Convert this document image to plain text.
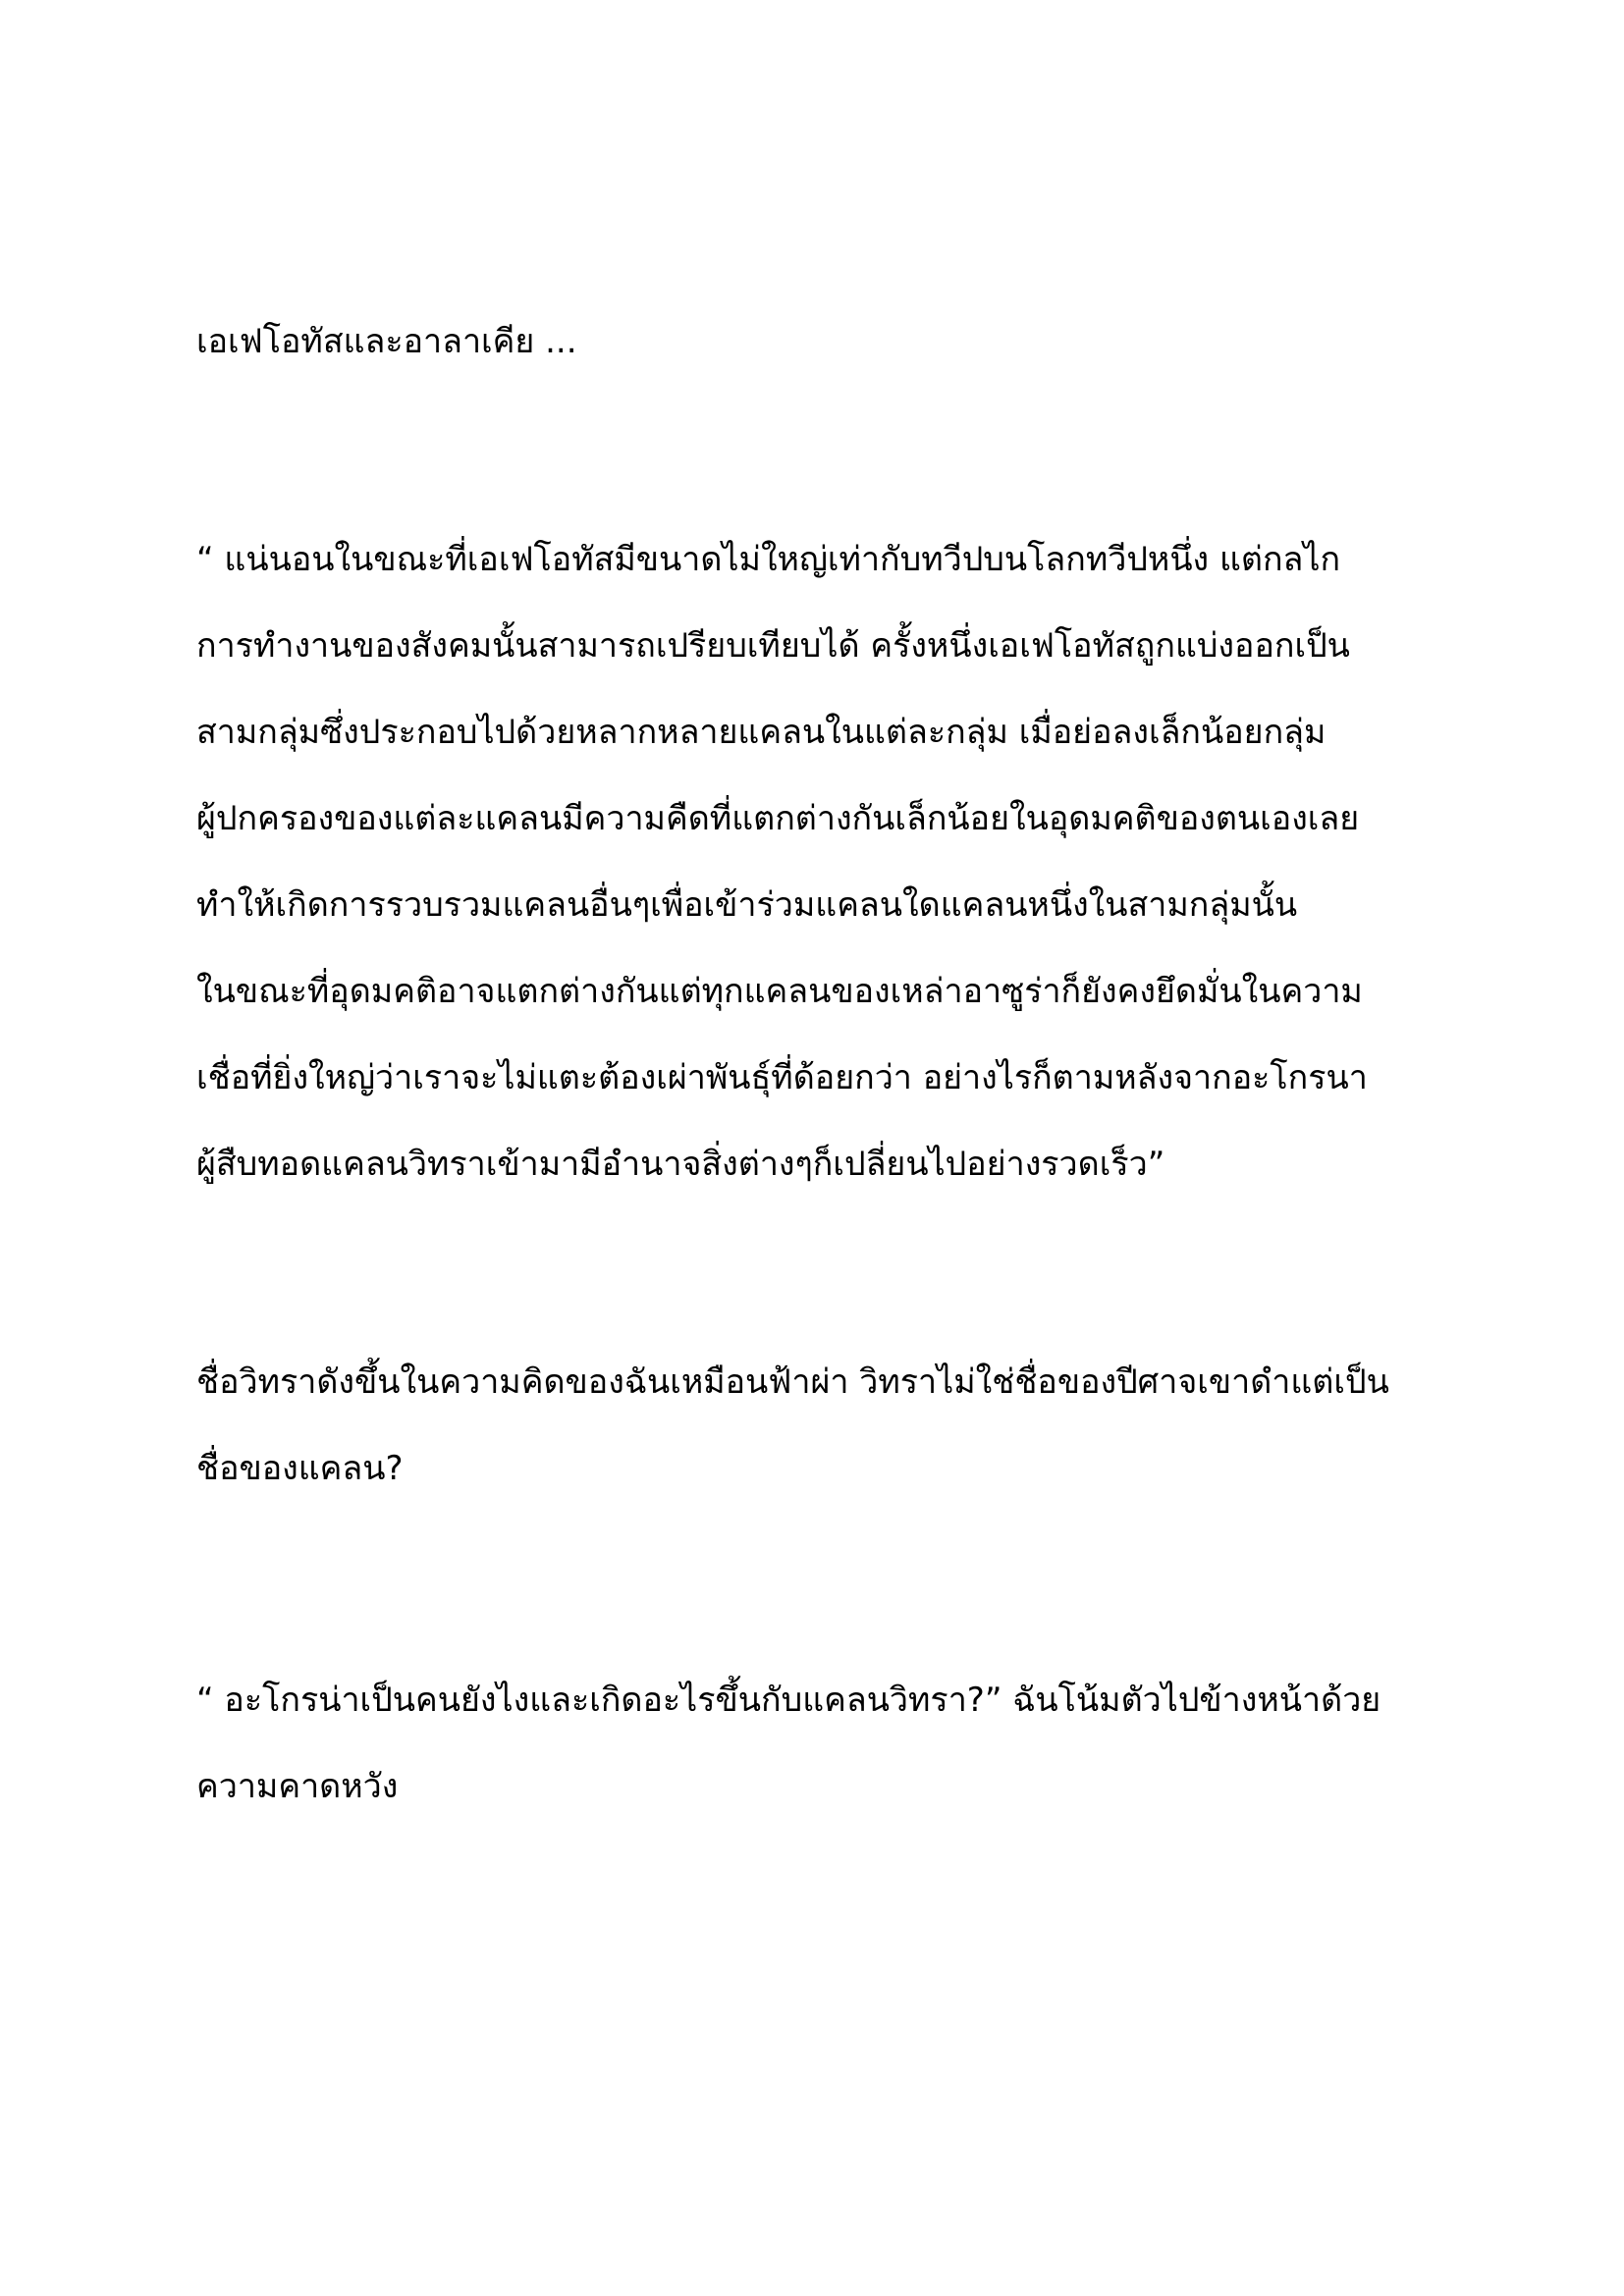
เอเฟโอทัสและอาลาเคีย ...

“ แน่นอนในขณะที่เอเฟโอทัสมีขนาดไม่ใหญ่เท่ากับทวีปบนโลกทวีปหนึ่ง แต่กลไก

การทำงานของสังคมนั้นสามารถเปรียบเทียบได้ ครั้งหนึ่งเอเฟโอทัสถูกแบ่งออกเป็น

สามกลุ่มซึ่งประกอบไปด้วยหลากหลายแคลนในแต่ละกลุ่ม เมื่อย่อลงเล็กน้อยกลุ่ม

ผู้ปกครองของแต่ละแคลนมีความคืดที่แตกต่างกันเล็กน้อยในอุดมคติของตนเองเลย

ทำให้เกิดการรวบรวมแคลนอื่นๆเพื่อเข้าร่วมแคลนใดแคลนหนึ่งในสามกลุ่มนั้น

ในขณะที่อุดมคติอาจแตกต่างกันแต่ทุกแคลนของเหล่าอาซูร่าก็ยังคงยึดมั่นในความ

เชื่อที่ยิ่งใหญ่ว่าเราจะไม่แตะต้องเผ่าพันธุ์ที่ด้อยกว่า อย่างไรก็ตามหลังจากอะโกรนา

ผู้สืบทอดแคลนวิทราเข้ามามีอำนาจสิ่งต่างๆก็เปลี่ยนไปอย่างรวดเร็ว”

ชื่อวิทราดังขึ้นในความคิดของฉันเหมือนฟ้าผ่า วิทราไม่ใช่ชื่อของปีศาจเขาดำแต่เป็น

ชื่อของแคลน?

“ อะโกรน่าเป็นคนยังไงและเกิดอะไรขึ้นกับแคลนวิทรา?” ฉันโน้มตัวไปข้างหน้าด้วย

ความคาดหวัง
